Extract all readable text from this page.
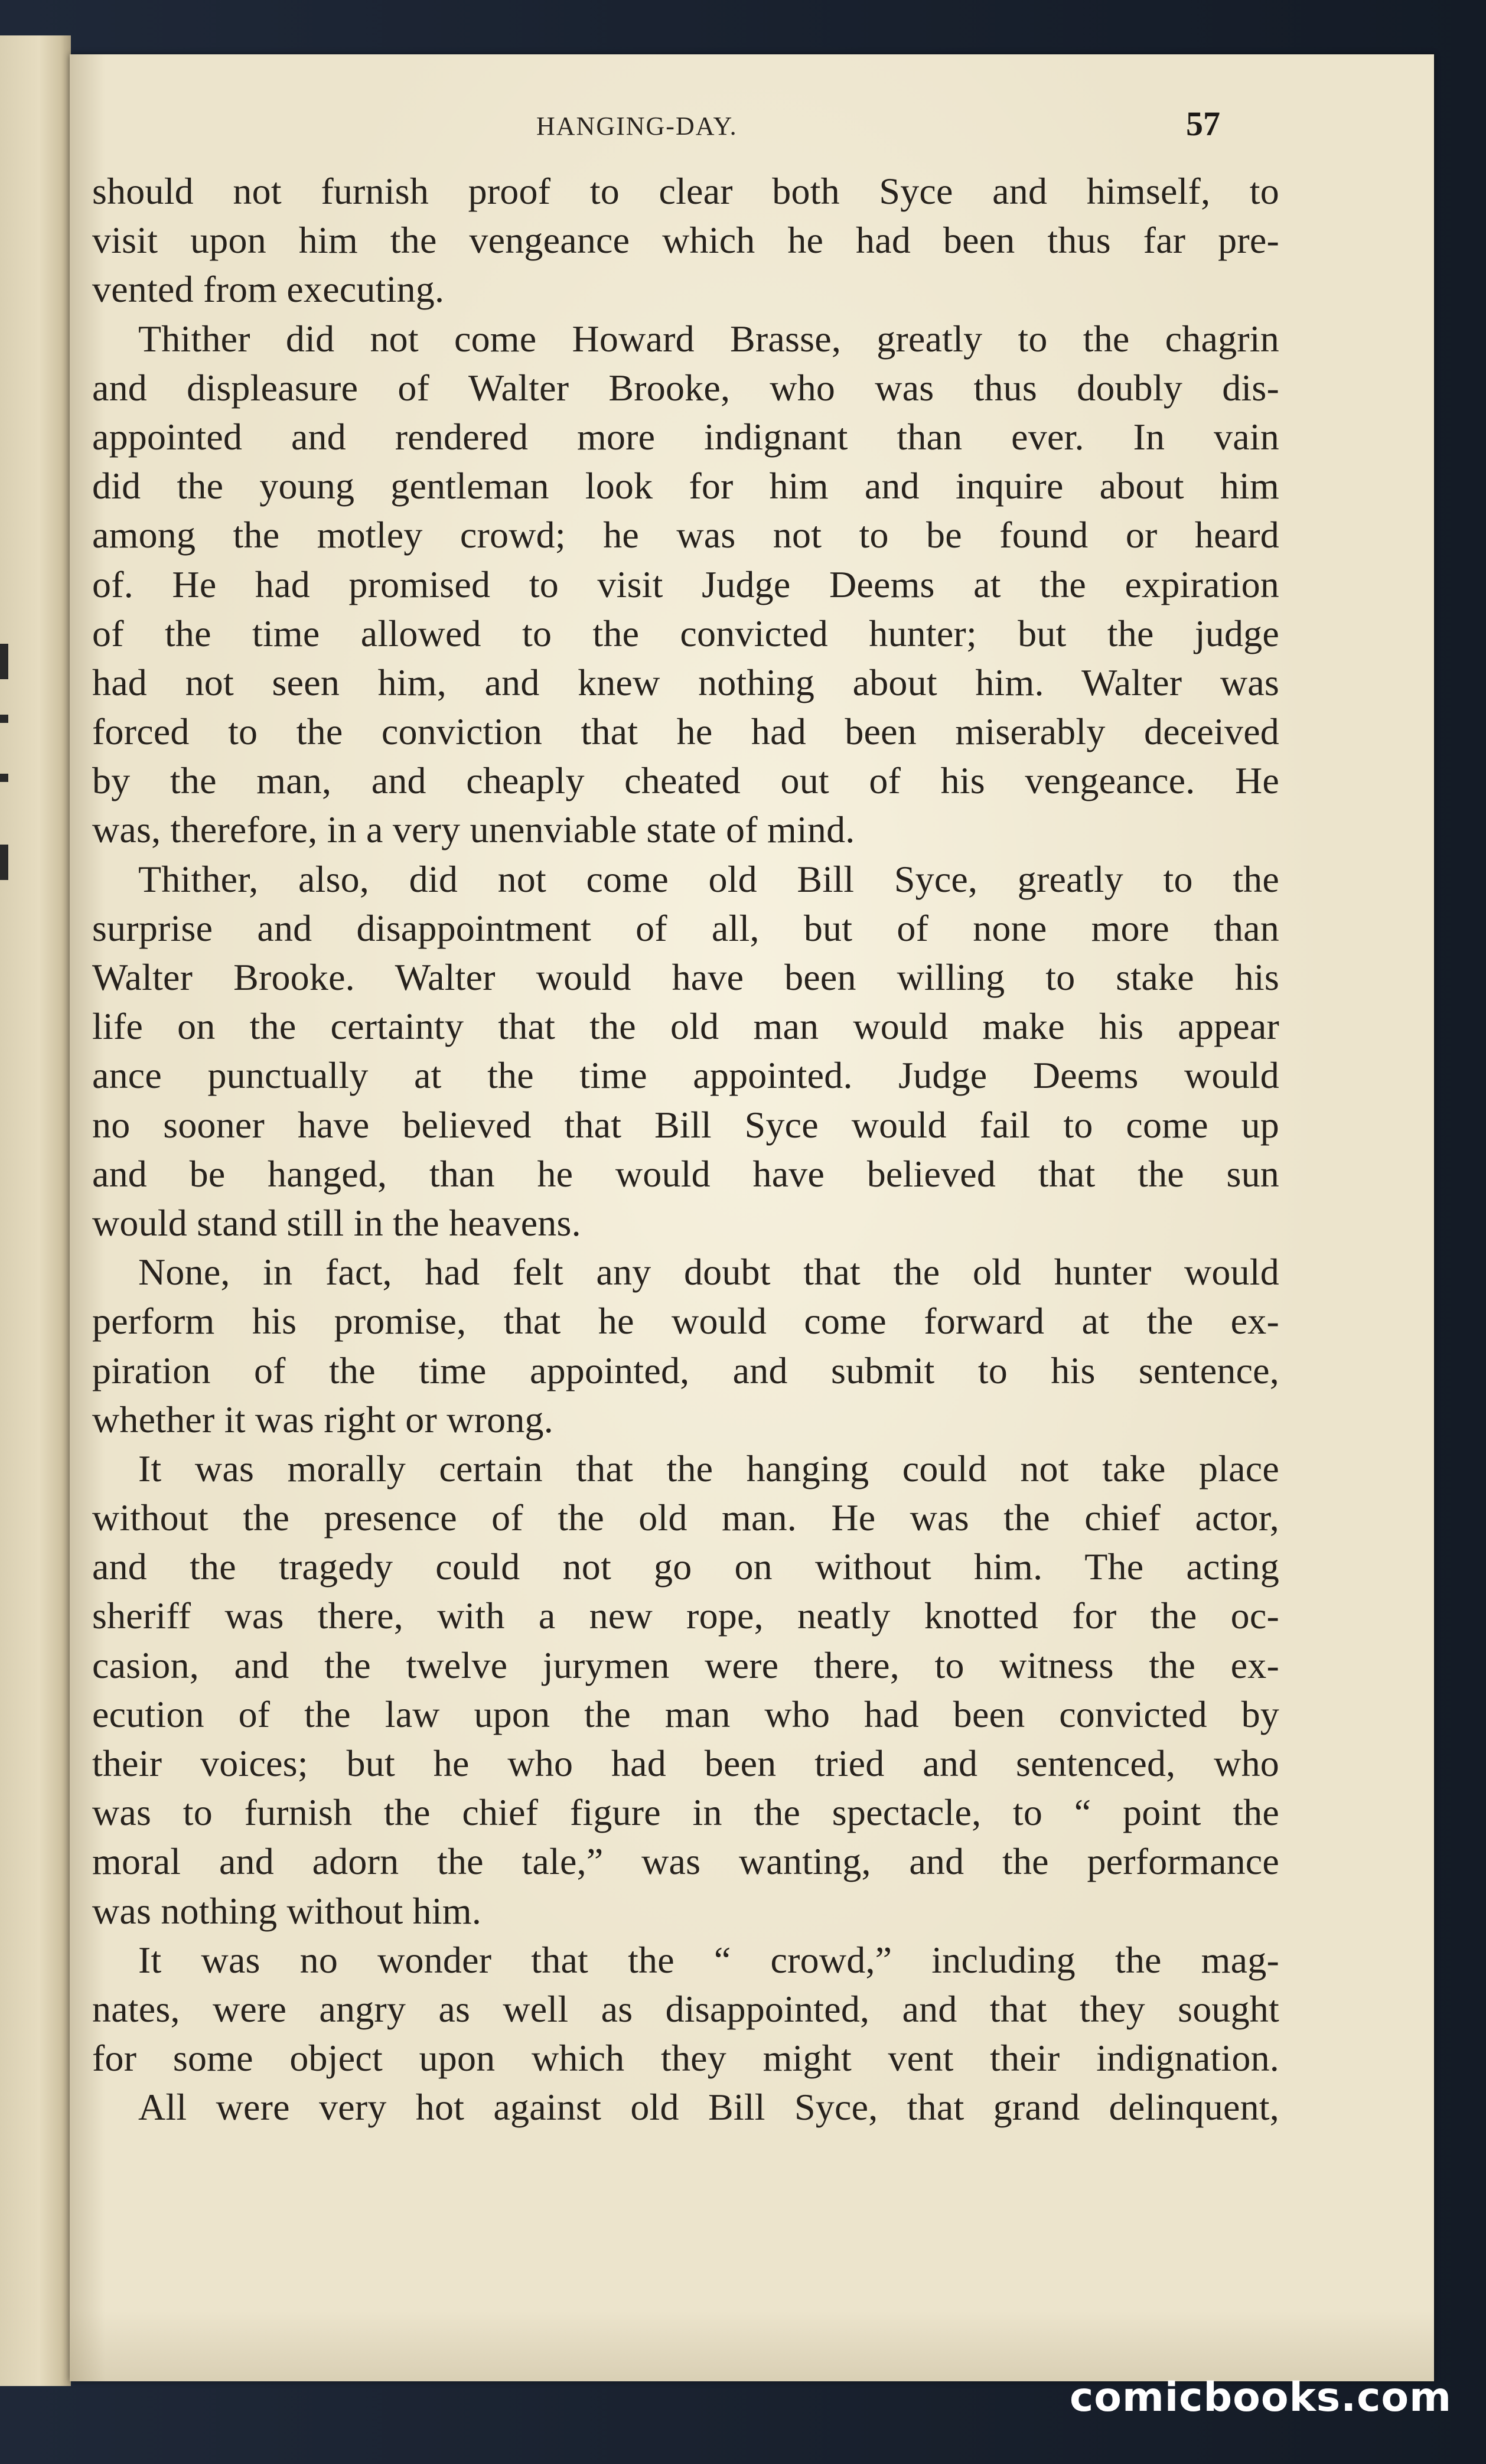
HANGING-DAY.	57
should not furnish proof to clear both Syce and himself, to
visit upon him the vengeance which he had been thus far pre-
vented from executing.
Thither did not come Howard Brasse, greatly to the chagrin
and displeasure of Walter Brooke, who was thus doubly dis-
appointed and rendered more indignant than ever. In vain
did the young gentleman look for him and inquire about him
among the motley crowd; he was not to be found or heard
of. He had promised to visit Judge Deems at the expiration
of the time allowed to the convicted hunter; but the judge
had not seen him, and knew nothing about him. Walter was
forced to the conviction that he had been miserably deceived
by the man, and cheaply cheated out of his vengeance. He
was, therefore, in a very unenviable state of mind.
Thither, also, did not come old Bill Syce, greatly to the
surprise and disappointment of all, but of none more than
Walter Brooke. Walter would have been willing to stake his
life on the certainty that the old man would make his appear
ance punctually at the time appointed. Judge Deems would
no sooner have believed that Bill Syce would fail to come up
and be hanged, than he would have believed that the sun
would stand still in the heavens.
None, in fact, had felt any doubt that the old hunter would
perform his promise, that he would come forward at the ex-
piration of the time appointed, and submit to his sentence,
whether it was right or wrong.
It was morally certain that the hanging could not take place
without the presence of the old man. He was the chief actor,
and the tragedy could not go on without him. The acting
sheriff was there, with a new rope, neatly knotted for the oc-
casion, and the twelve jurymen were there, to witness the ex-
ecution of the law upon the man who had been convicted by
their voices; but he who had been tried and sentenced, who
was to furnish the chief figure in the spectacle, to “ point the
moral and adorn the tale,” was wanting, and the performance
was nothing without him.
It was no wonder that the “ crowd,” including the mag-
nates, were angry as well as disappointed, and that they sought
for some object upon which they might vent their indignation.
All were very hot against old Bill Syce, that grand delinquent,
comicbooks.com
